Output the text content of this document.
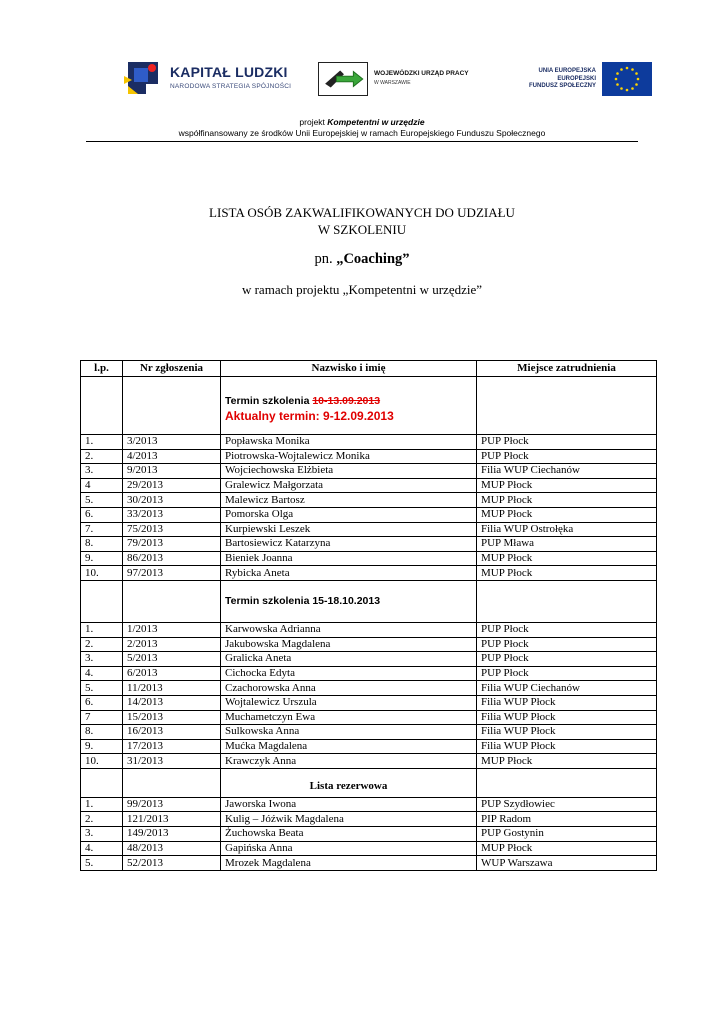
KAPITAŁ LUDZKI
NARODOWA STRATEGIA SPÓJNOŚCI
WOJEWÓDZKI URZĄD PRACY
W WARSZAWIE
UNIA EUROPEJSKA
EUROPEJSKI
FUNDUSZ SPOŁECZNY
projekt Kompetentni w urzędzie
współfinansowany ze środków Unii Europejskiej w ramach Europejskiego Funduszu Społecznego
LISTA OSÓB ZAKWALIFIKOWANYCH DO UDZIAŁU
W SZKOLENIU
pn. „Coaching”
w ramach projektu „Kompetentni w urzędzie”
l.p.	Nr zgłoszenia	Nazwisko i imię	Miejsce zatrudnienia
		Termin szkolenia 10-13.09.2013
Aktualny termin: 9-12.09.2013	

1.	3/2013	Popławska Monika	PUP Płock
2.	4/2013	Piotrowska-Wojtalewicz Monika	PUP Płock
3.	9/2013	Wojciechowska Elżbieta	Filia WUP Ciechanów
4	29/2013	Gralewicz Małgorzata	MUP Płock
5.	30/2013	Malewicz Bartosz	MUP Płock
6.	33/2013	Pomorska Olga	MUP Płock
7.	75/2013	Kurpiewski Leszek	Filia WUP Ostrołęka
8.	79/2013	Bartosiewicz Katarzyna	PUP Mława
9.	86/2013	Bieniek Joanna	MUP Płock
10.	97/2013	Rybicka Aneta	MUP Płock
		Termin szkolenia 15-18.10.2013	
1.	1/2013	Karwowska Adrianna	PUP Płock
2.	2/2013	Jakubowska Magdalena	PUP Płock
3.	5/2013	Gralicka Aneta	PUP Płock
4.	6/2013	Cichocka Edyta	PUP Płock
5.	11/2013	Czachorowska Anna	Filia WUP Ciechanów
6.	14/2013	Wojtalewicz Urszula	Filia WUP Płock
7	15/2013	Muchametczyn Ewa	Filia WUP Płock
8.	16/2013	Sulkowska Anna	Filia WUP Płock
9.	17/2013	Mućka Magdalena	Filia WUP Płock
10.	31/2013	Krawczyk Anna	MUP Płock

		Lista rezerwowa	

1.	99/2013	Jaworska Iwona	PUP Szydłowiec
2.	121/2013	Kulig – Jóźwik Magdalena	PIP Radom
3.	149/2013	Żuchowska Beata	PUP Gostynin
4.	48/2013	Gapińska Anna	MUP Płock
5.	52/2013	Mrozek Magdalena	WUP Warszawa
